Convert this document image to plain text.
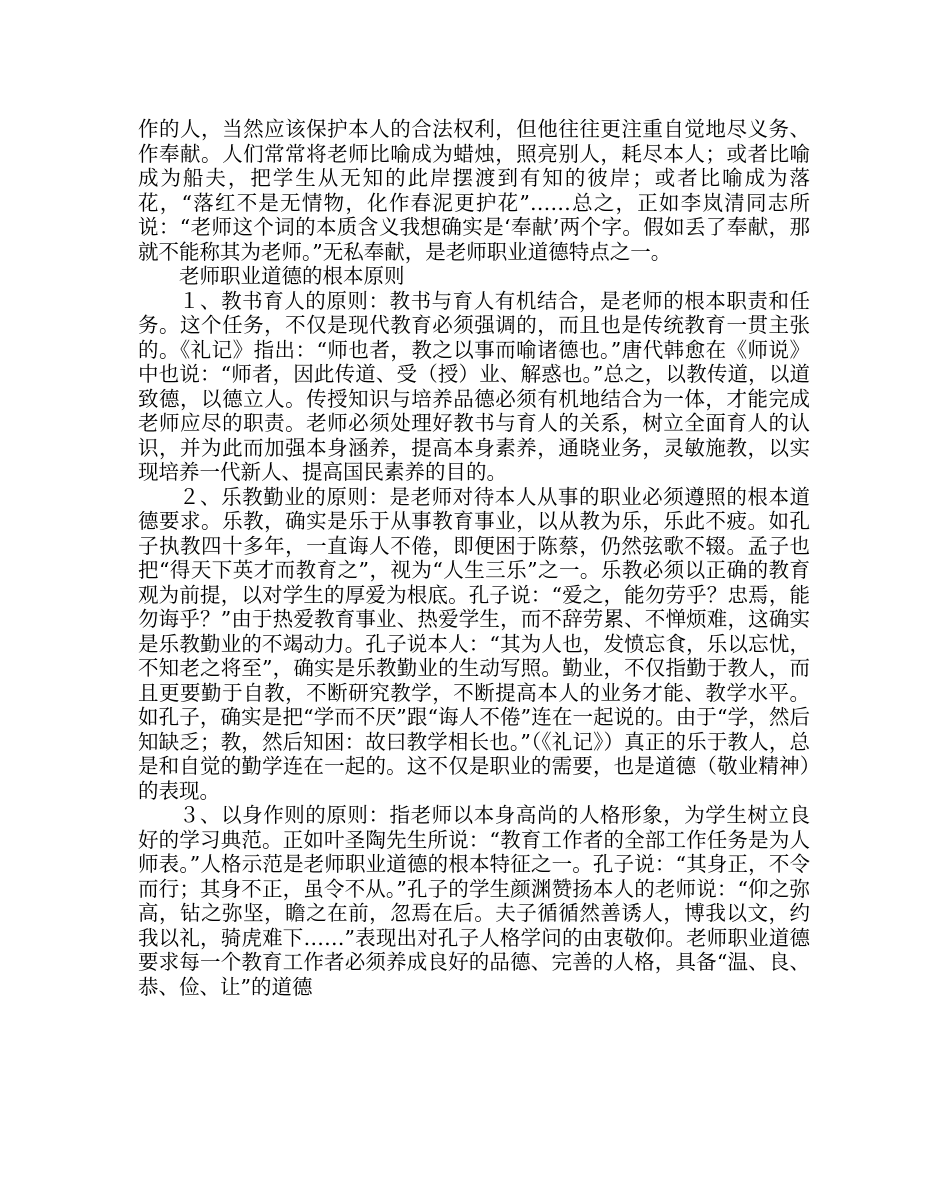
作的人，当然应该保护本人的合法权利，但他往往更注重自觉地尽义务、作奉献。人们常常将老师比喻成为蜡烛，照亮别人，耗尽本人；或者比喻成为船夫，把学生从无知的此岸摆渡到有知的彼岸；或者比喻成为落花，“落红不是无情物，化作春泥更护花”……总之，正如李岚清同志所说：“老师这个词的本质含义我想确实是‘奉献’两个字。假如丢了奉献，那就不能称其为老师。”无私奉献，是老师职业道德特点之一。

老师职业道德的根本原则

１、教书育人的原则：教书与育人有机结合，是老师的根本职责和任务。这个任务，不仅是现代教育必须强调的，而且也是传统教育一贯主张的。《礼记》指出：“师也者，教之以事而喻诸德也。”唐代韩愈在《师说》中也说：“师者，因此传道、受（授）业、解惑也。”总之，以教传道，以道致德，以德立人。传授知识与培养品德必须有机地结合为一体，才能完成老师应尽的职责。老师必须处理好教书与育人的关系，树立全面育人的认识，并为此而加强本身涵养，提高本身素养，通晓业务，灵敏施教，以实现培养一代新人、提高国民素养的目的。

２、乐教勤业的原则：是老师对待本人从事的职业必须遵照的根本道德要求。乐教，确实是乐于从事教育事业，以从教为乐，乐此不疲。如孔子执教四十多年，一直诲人不倦，即便困于陈蔡，仍然弦歌不辍。孟子也把“得天下英才而教育之”，视为“人生三乐”之一。乐教必须以正确的教育观为前提，以对学生的厚爱为根底。孔子说：“爱之，能勿劳乎？忠焉，能勿诲乎？”由于热爱教育事业、热爱学生，而不辞劳累、不惮烦难，这确实是乐教勤业的不竭动力。孔子说本人：“其为人也，发愤忘食，乐以忘忧，不知老之将至”，确实是乐教勤业的生动写照。勤业，不仅指勤于教人，而且更要勤于自教，不断研究教学，不断提高本人的业务才能、教学水平。如孔子，确实是把“学而不厌”跟“诲人不倦”连在一起说的。由于“学，然后知缺乏；教，然后知困：故曰教学相长也。”（《礼记》）真正的乐于教人，总是和自觉的勤学连在一起的。这不仅是职业的需要，也是道德（敬业精神）的表现。

３、以身作则的原则：指老师以本身高尚的人格形象，为学生树立良好的学习典范。正如叶圣陶先生所说：“教育工作者的全部工作任务是为人师表。”人格示范是老师职业道德的根本特征之一。孔子说：“其身正，不令而行；其身不正，虽令不从。”孔子的学生颜渊赞扬本人的老师说：“仰之弥高，钻之弥坚，瞻之在前，忽焉在后。夫子循循然善诱人，博我以文，约我以礼，骑虎难下……”表现出对孔子人格学问的由衷敬仰。老师职业道德要求每一个教育工作者必须养成良好的品德、完善的人格，具备“温、良、恭、俭、让”的道德
